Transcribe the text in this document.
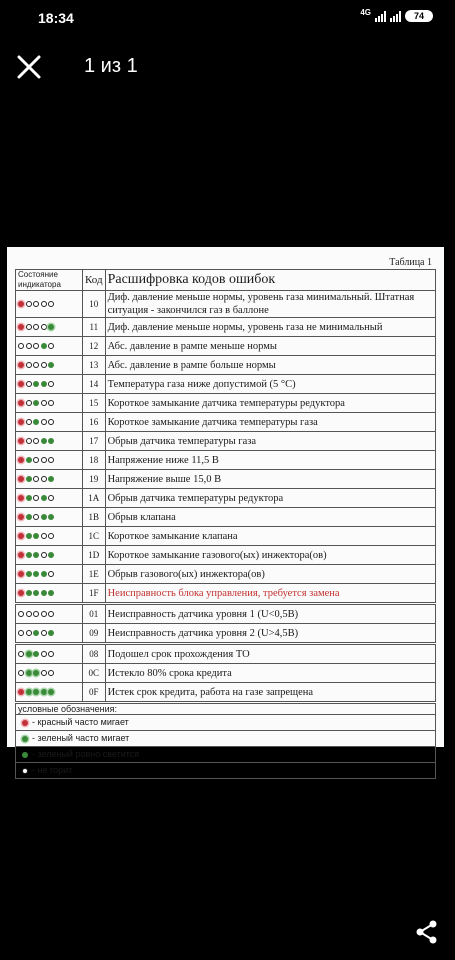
18:34	4G	74
1 из 1
Таблица 1
Состояние индикатора	Код	Расшифровка кодов ошибок
	10	Диф. давление меньше нормы, уровень газа минимальный. Штатная ситуация - закончился газ в баллоне
	11	Диф. давление меньше нормы, уровень газа не минимальный
	12	Абс. давление в рампе меньше нормы
	13	Абс. давление в рампе больше нормы
	14	Температура газа ниже допустимой (5 °С)
	15	Короткое замыкание датчика температуры редуктора
	16	Короткое замыкание датчика температуры газа
	17	Обрыв датчика температуры газа
	18	Напряжение ниже 11,5 В
	19	Напряжение выше 15,0 В
	1А	Обрыв датчика температуры редуктора
	1В	Обрыв клапана
	1С	Короткое замыкание клапана
	1D	Короткое замыкание газового(ых) инжектора(ов)
	1Е	Обрыв газового(ых) инжектора(ов)
	1F	Неисправность блока управления, требуется замена
	01	Неисправность датчика уровня 1 (U<0,5В)
	09	Неисправность датчика уровня 2 (U>4,5В)
	08	Подошел срок прохождения ТО
	0С	Истекло 80% срока кредита
	0F	Истек срок кредита, работа на газе запрещена
условные обозначения:		
- красный часто мигает		
- зеленый часто мигает		
- зеленый ровно светится		
- не горит		
